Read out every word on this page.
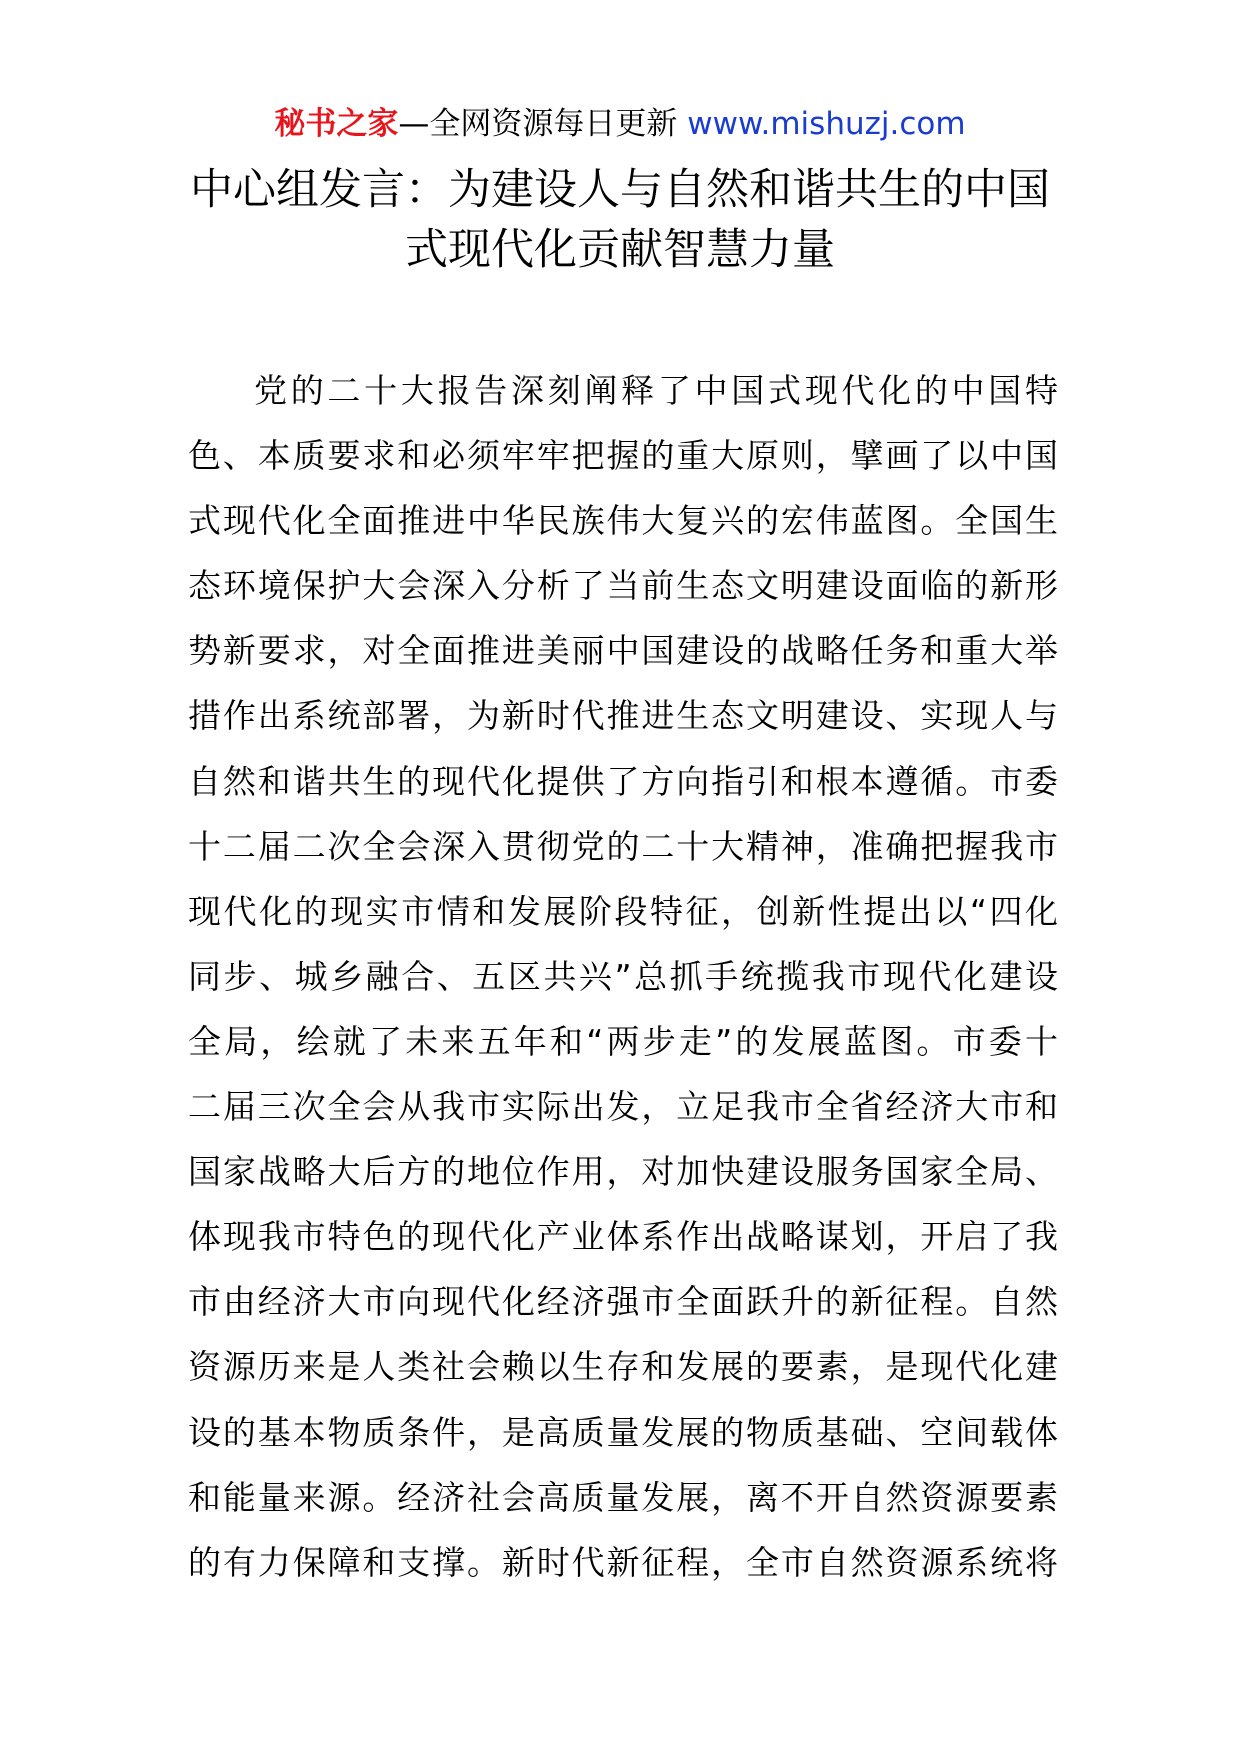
秘书之家—全网资源每日更新 www.mishuzj.com
中心组发言：为建设人与自然和谐共生的中国
式现代化贡献智慧力量
党的二十大报告深刻阐释了中国式现代化的中国特
色、本质要求和必须牢牢把握的重大原则，擘画了以中国
式现代化全面推进中华民族伟大复兴的宏伟蓝图。全国生
态环境保护大会深入分析了当前生态文明建设面临的新形
势新要求，对全面推进美丽中国建设的战略任务和重大举
措作出系统部署，为新时代推进生态文明建设、实现人与
自然和谐共生的现代化提供了方向指引和根本遵循。市委
十二届二次全会深入贯彻党的二十大精神，准确把握我市
现代化的现实市情和发展阶段特征，创新性提出以“四化
同步、城乡融合、五区共兴”总抓手统揽我市现代化建设
全局，绘就了未来五年和“两步走”的发展蓝图。市委十
二届三次全会从我市实际出发，立足我市全省经济大市和
国家战略大后方的地位作用，对加快建设服务国家全局、
体现我市特色的现代化产业体系作出战略谋划，开启了我
市由经济大市向现代化经济强市全面跃升的新征程。自然
资源历来是人类社会赖以生存和发展的要素，是现代化建
设的基本物质条件，是高质量发展的物质基础、空间载体
和能量来源。经济社会高质量发展，离不开自然资源要素
的有力保障和支撑。新时代新征程，全市自然资源系统将
